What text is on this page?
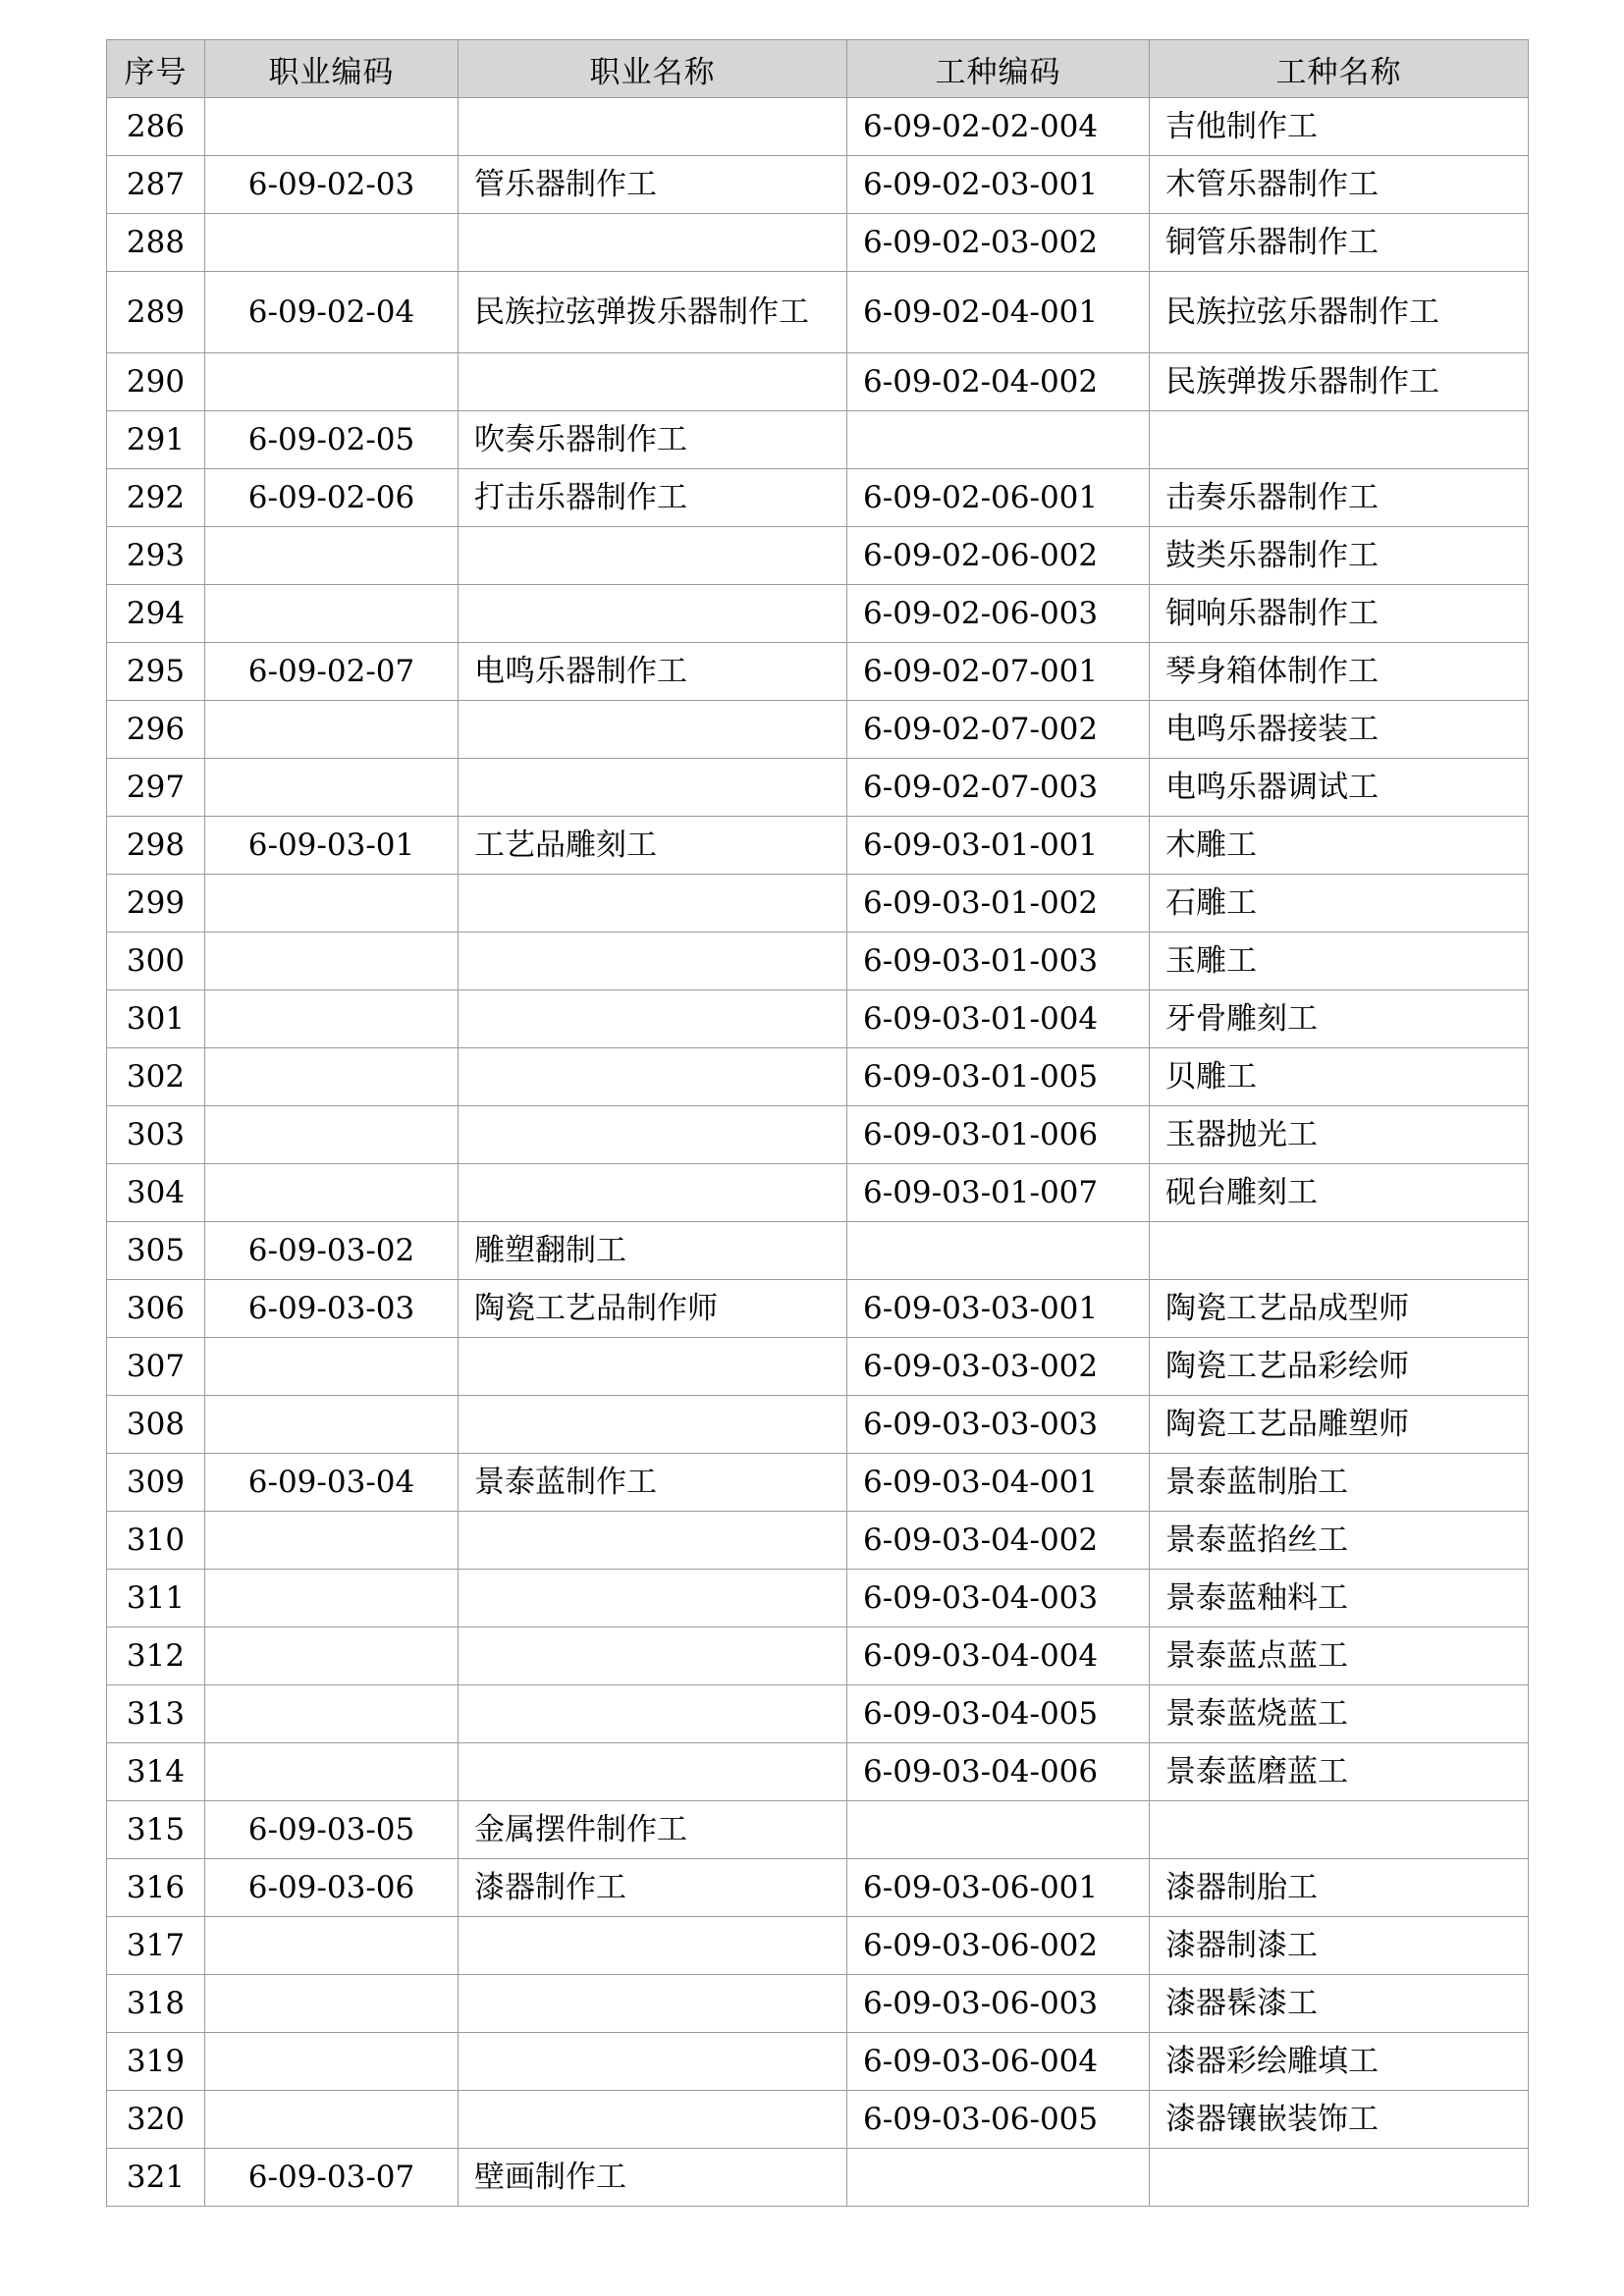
序号	职业编码	职业名称	工种编码	工种名称
286			6-09-02-02-004	吉他制作工
287	6-09-02-03	管乐器制作工	6-09-02-03-001	木管乐器制作工
288			6-09-02-03-002	铜管乐器制作工
289	6-09-02-04	民族拉弦弹拨乐器制作工	6-09-02-04-001	民族拉弦乐器制作工
290			6-09-02-04-002	民族弹拨乐器制作工
291	6-09-02-05	吹奏乐器制作工		
292	6-09-02-06	打击乐器制作工	6-09-02-06-001	击奏乐器制作工
293			6-09-02-06-002	鼓类乐器制作工
294			6-09-02-06-003	铜响乐器制作工
295	6-09-02-07	电鸣乐器制作工	6-09-02-07-001	琴身箱体制作工
296			6-09-02-07-002	电鸣乐器接装工
297			6-09-02-07-003	电鸣乐器调试工
298	6-09-03-01	工艺品雕刻工	6-09-03-01-001	木雕工
299			6-09-03-01-002	石雕工
300			6-09-03-01-003	玉雕工
301			6-09-03-01-004	牙骨雕刻工
302			6-09-03-01-005	贝雕工
303			6-09-03-01-006	玉器抛光工
304			6-09-03-01-007	砚台雕刻工
305	6-09-03-02	雕塑翻制工		
306	6-09-03-03	陶瓷工艺品制作师	6-09-03-03-001	陶瓷工艺品成型师
307			6-09-03-03-002	陶瓷工艺品彩绘师
308			6-09-03-03-003	陶瓷工艺品雕塑师
309	6-09-03-04	景泰蓝制作工	6-09-03-04-001	景泰蓝制胎工
310			6-09-03-04-002	景泰蓝掐丝工
311			6-09-03-04-003	景泰蓝釉料工
312			6-09-03-04-004	景泰蓝点蓝工
313			6-09-03-04-005	景泰蓝烧蓝工
314			6-09-03-04-006	景泰蓝磨蓝工
315	6-09-03-05	金属摆件制作工		
316	6-09-03-06	漆器制作工	6-09-03-06-001	漆器制胎工
317			6-09-03-06-002	漆器制漆工
318			6-09-03-06-003	漆器髹漆工
319			6-09-03-06-004	漆器彩绘雕填工
320			6-09-03-06-005	漆器镶嵌装饰工
321	6-09-03-07	壁画制作工		
